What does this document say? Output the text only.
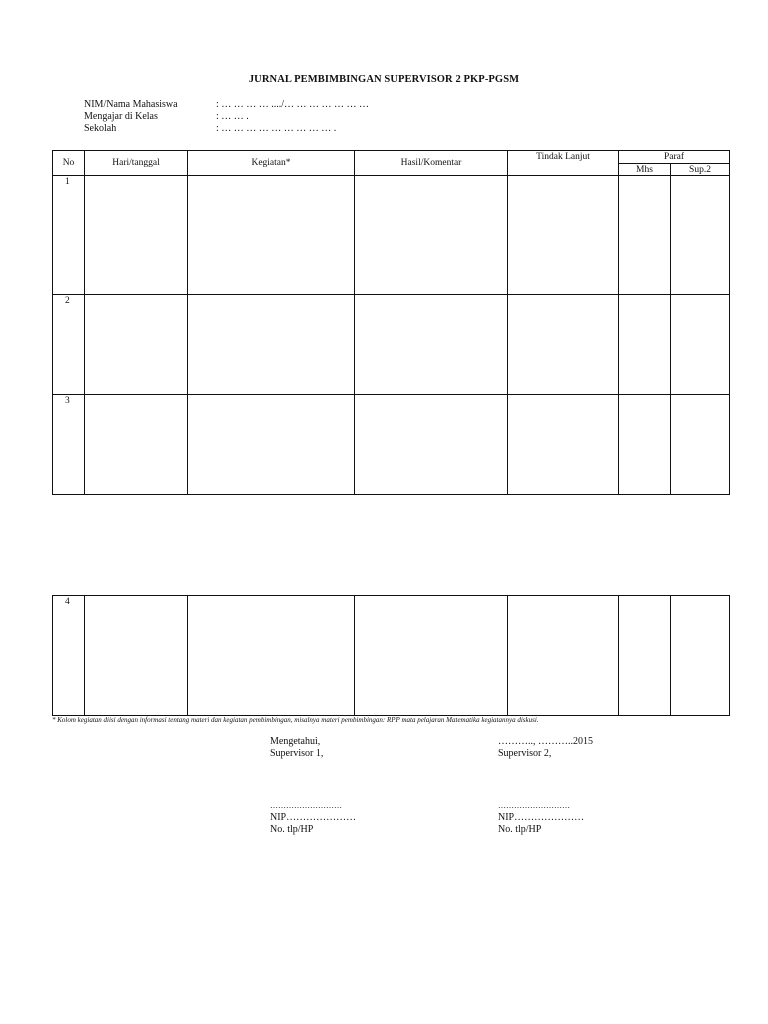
JURNAL PEMBIMBINGAN SUPERVISOR 2 PKP-PGSM
NIM/Nama Mahasiswa	: … … … … ..../… … … … … … …
Mengajar di Kelas	: … … .
Sekolah	: … … … … … … … … … .
No	Hari/tanggal	Kegiatan*	Hasil/Komentar	Tindak Lanjut	Paraf	
					Mhs	Sup.2
1						
2						
3						
4						
* Kolom kegiatan diisi dengan informasi tentang materi dan kegiatan pembimbingan, misalnya materi pembimbingan: RPP mata pelajaran Matematika kegiatannya diskusi.
Mengetahui,
Supervisor 1,
………………………
NIP…………………
No. tlp/HP
……….., ………..2015
Supervisor 2,
………………………
NIP…………………
No. tlp/HP
